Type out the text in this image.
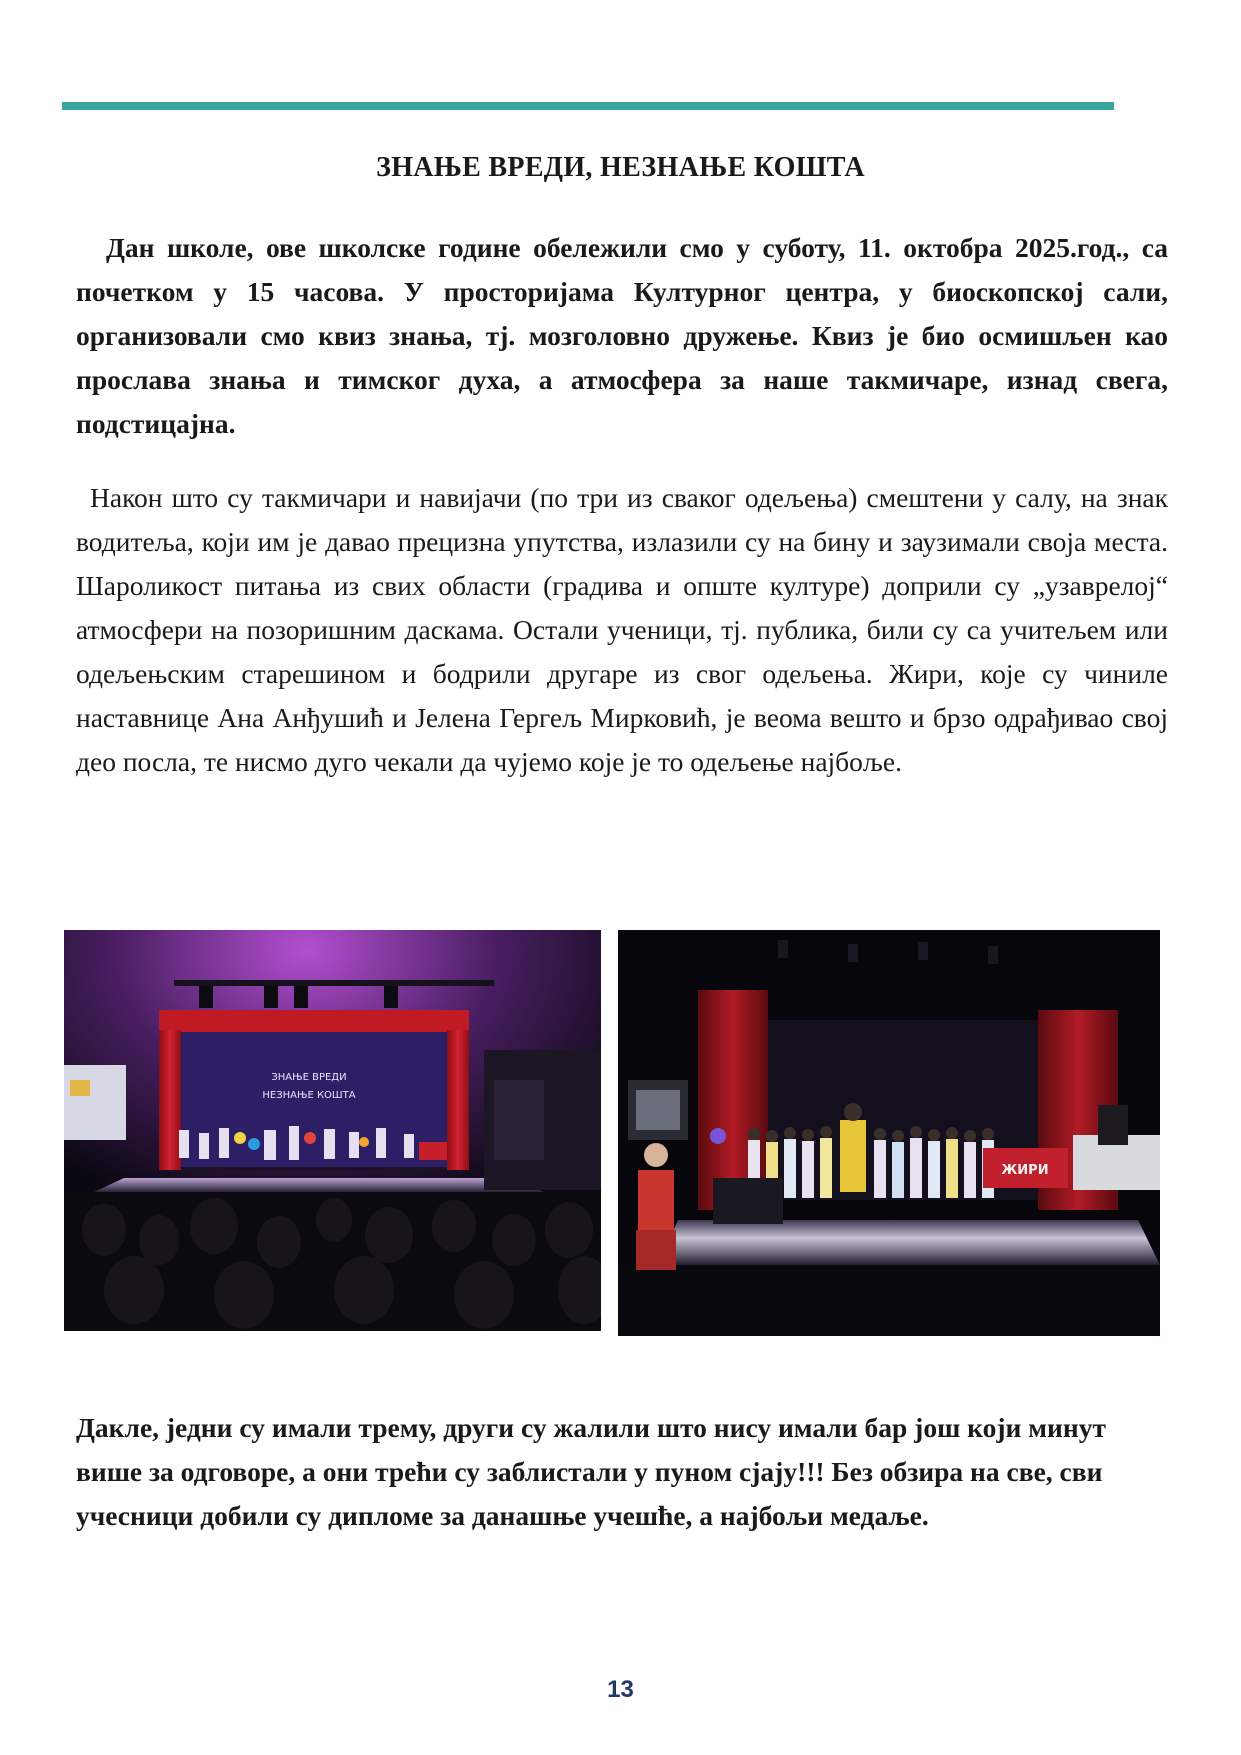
ЗНАЊЕ ВРЕДИ, НЕЗНАЊЕ КОШТА

Дан школе, ове школске године обележили смо у суботу, 11. октобра 2025.год., са почетком у 15 часова. У просторијама Културног центра, у биоскопској сали, организовали смо квиз знања, тј. мозголовно дружење. Квиз је био осмишљен као прослава знања и тимског духа, а атмосфера за наше такмичаре, изнад свега, подстицајна.

Након што су такмичари и навијачи (по три из сваког одељења) смештени у салу, на знак водитеља, који им је давао прецизна упутства, излазили су на бину и заузимали своја места. Шароликост питања из свих области (градива и опште културе) доприли су „узаврелој“ атмосфери на позоришним даскама. Остали ученици, тј. публика, били су са учитељем или одељењским старешином и бодрили другаре из свог одељења. Жири, које су чиниле наставнице Ана Анђушић и Јелена Гергељ Мирковић, је веома вешто и брзо одрађивао свој део посла, те нисмо дуго чекали да чујемо које је то одељење најбоље.

ЗНАЊЕ ВРЕДИ
НЕЗНАЊЕ КОШТА
ЖИРИ

Дакле, једни су имали трему, други су жалили што нису имали бар још који минут више за одговоре, а они трећи су заблистали у пуном сјају!!! Без обзира на све, сви учесници добили су дипломе за данашње учешће, а најбољи медаље.

13
